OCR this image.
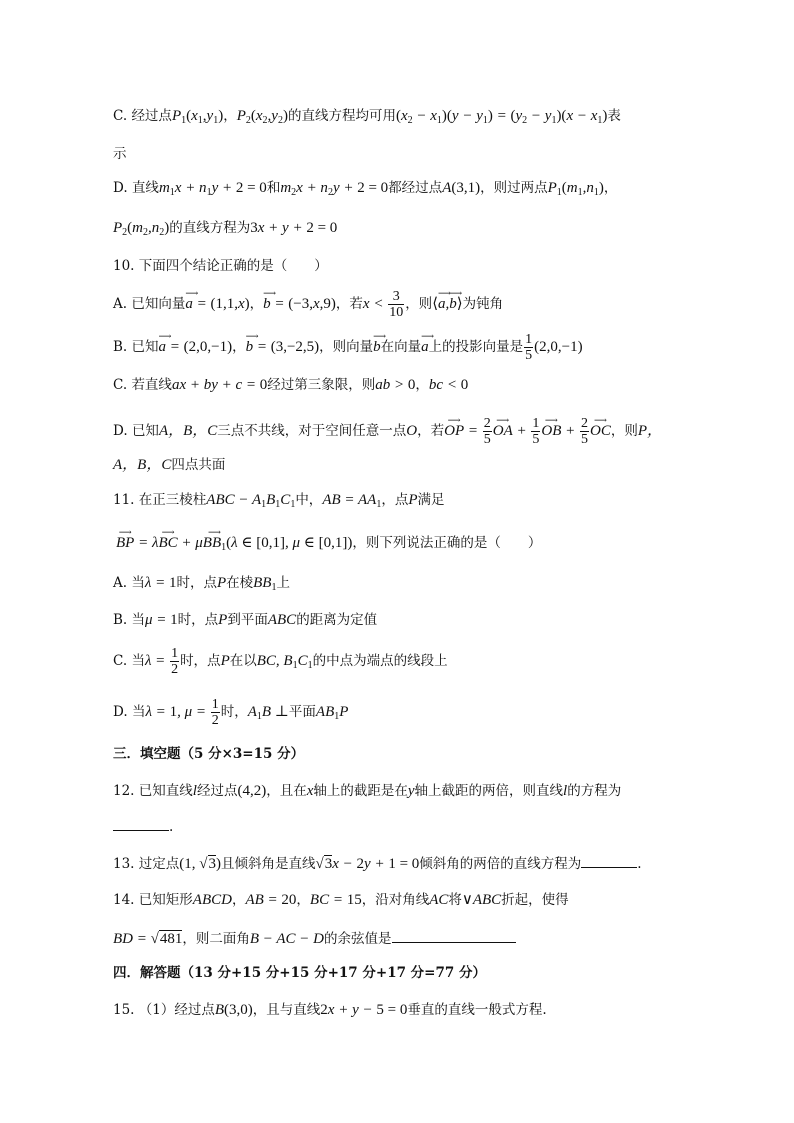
C. 经过点$P_1(x_1,y_1)$，$P_2(x_2,y_2)$的直线方程均可用$(x_2 - x_1)(y - y_1) = (y_2 - y_1)(x - x_1)$表
示
D. 直线$m_1x + n_1y + 2 = 0$和$m_2x + n_2y + 2 = 0$都经过点A(3,1)，则过两点$P_1(m_1,n_1)$，
$P_2(m_2,n_2)$的直线方程为3x + y + 2 = 0
10. 下面四个结论正确的是（　　）
A. 已知向量⟶ a = (1,1,x)，⟶ b = (−3,x,9)，若$x < \frac{3}{10}$ ，则⟨⟶ a,⟶ b⟩为钝角
B. 已知⟶ a = (2,0,−1)，⟶ b = (3,−2,5)，则向量⟶ b在向量⟶ a上的投影向量是 $\frac{1}{5} (2,0,-1)$
C. 若直线ax + by + c = 0经过第三象限，则ab > 0，bc < 0
D. 已知A，B，C三点不共线，对于空间任意一点O，若⟶ OP = $\frac{2}{5}$ ⟶ OA + $\frac{1}{5}$ ⟶ OB + $\frac{2}{5}$ ⟶ OC，则P，
A，B，C四点共面
11. 在正三棱柱ABC − $A_1B_1C_1$中，AB = $AA_1$，点P满足
⟶ BP = λ⟶ BC + μ⟶ $BB_1(\lambda$ ∈ [0,1], μ ∈ [0,1])，则下列说法正确的是（　　）
A. 当λ = 1时，点P在棱$BB_1$上
B. 当μ = 1时，点P到平面ABC的距离为定值
C. 当$\lambda = \frac{1}{2}$ 时，点P在以BC, $B_1C_1$的中点为端点的线段上
D. 当λ = 1, $\mu = \frac{1}{2}$ 时，$A_1B$ ⊥平面$AB_1P$
三．填空题（5 分×3=15 分）
12. 已知直线l经过点(4,2)，且在x轴上的截距是在y轴上截距的两倍，则直线l的方程为
.
13. 过定点(1, √3)且倾斜角是直线√3x − 2y + 1 = 0倾斜角的两倍的直线方程为	.
14. 已知矩形ABCD，AB = 20，BC = 15，沿对角线AC将∨ABC折起，使得
BD = √481，则二面角B − AC − D的余弦值是
四．解答题（13 分+15 分+15 分+17 分+17 分=77 分）
15. （1）经过点B(3,0)，且与直线2x + y − 5 = 0垂直的直线一般式方程.
